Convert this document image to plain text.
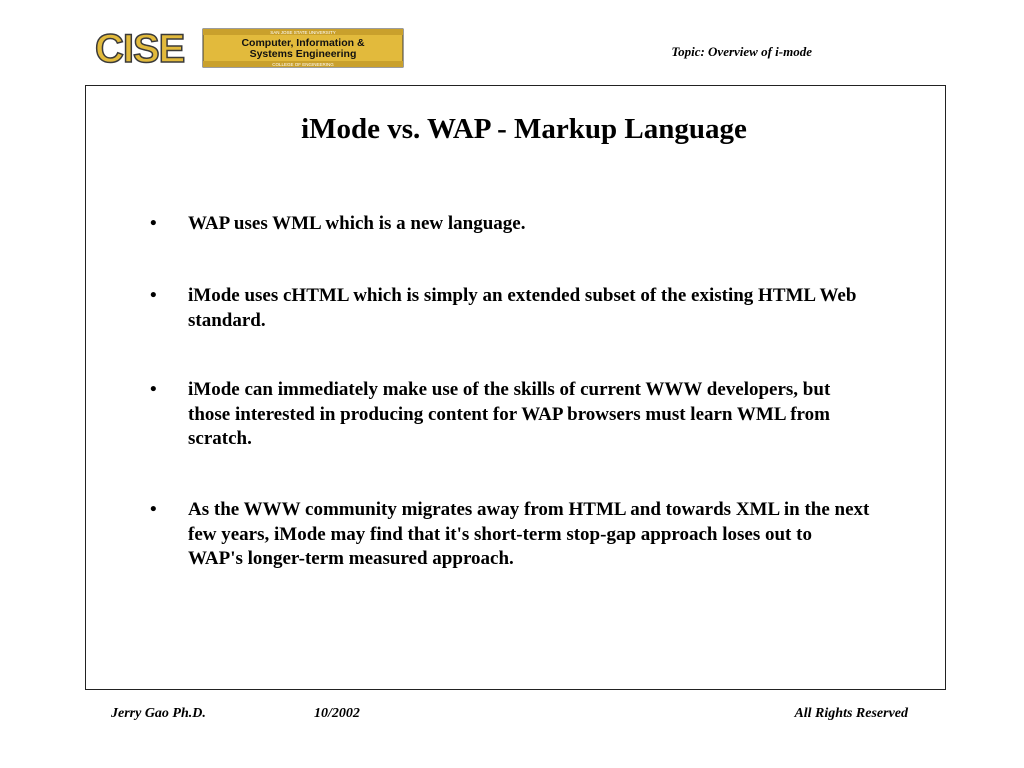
CISE	SAN JOSE STATE UNIVERSITY
Computer, Information &
Systems Engineering
COLLEGE OF ENGINEERING
Topic: Overview of i-mode
iMode vs. WAP - Markup Language
•	WAP uses WML which is a new language.
•	iMode uses cHTML which is simply an extended subset of the existing HTML Web standard.
•	iMode can immediately make use of the skills of current WWW developers, but those interested in producing content for WAP browsers must learn WML from scratch.
•	As the WWW community migrates away from HTML and towards XML in the next few years, iMode may find that it's short-term stop-gap approach loses out to WAP's longer-term measured approach.
Jerry Gao Ph.D.	10/2002	All Rights Reserved
